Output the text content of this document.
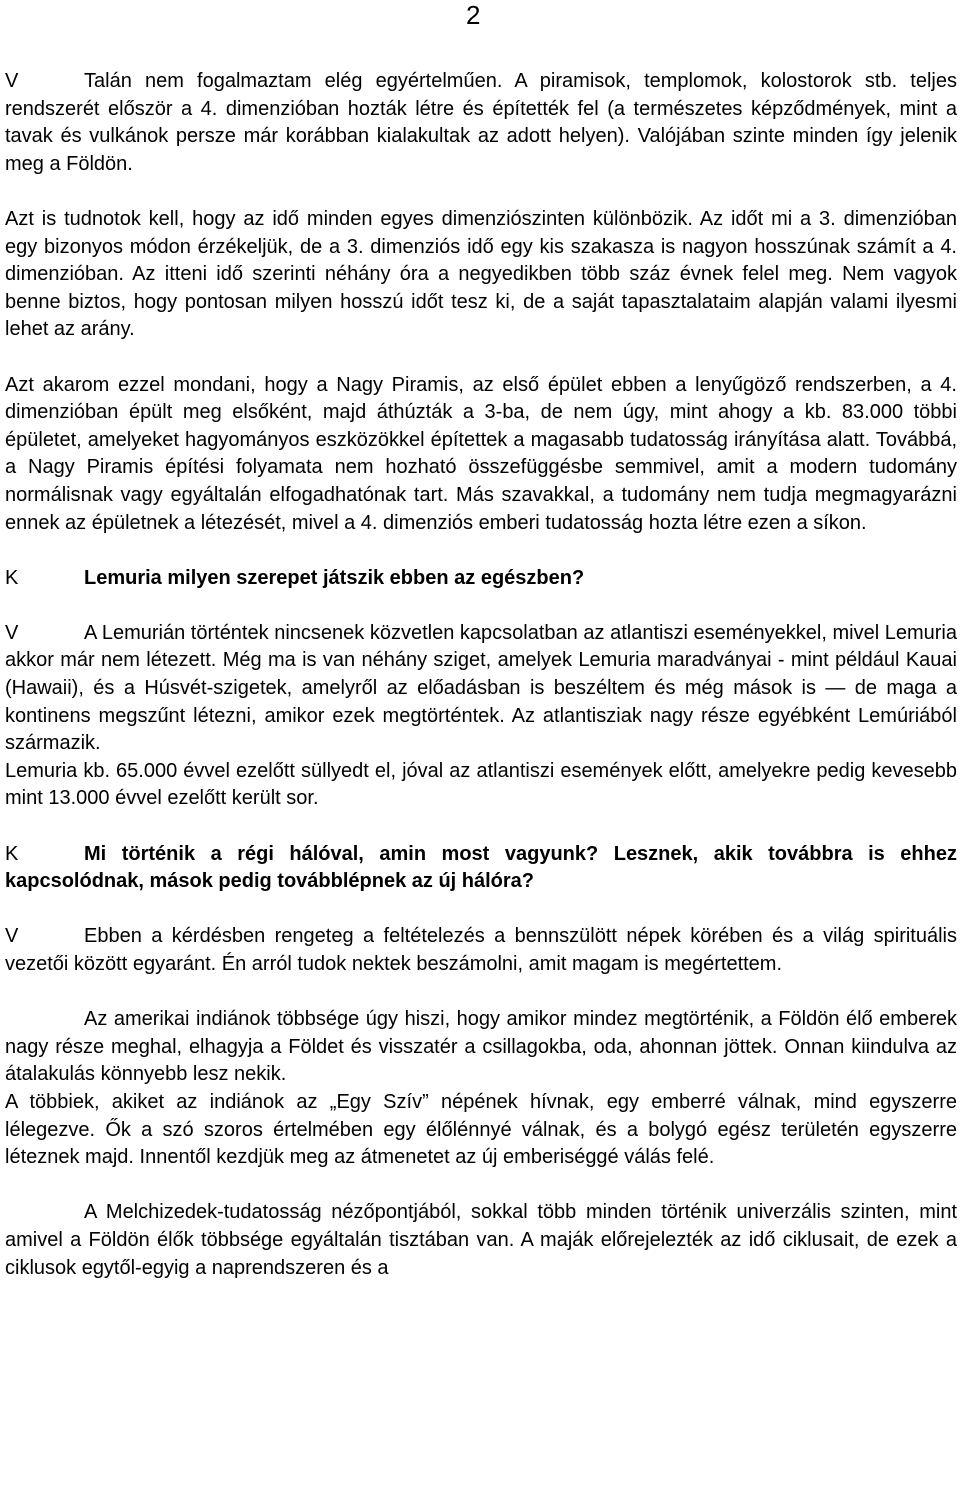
2

V	Talán nem fogalmaztam elég egyértelműen. A piramisok, templomok, kolostorok stb. teljes rendszerét először a 4. dimenzióban hozták létre és építették fel (a természetes képződmények, mint a tavak és vulkánok persze már korábban kialakultak az adott helyen). Valójában szinte minden így jelenik meg a Földön.

Azt is tudnotok kell, hogy az idő minden egyes dimenziószinten különbözik. Az időt mi a 3. dimenzióban egy bizonyos módon érzékeljük, de a 3. dimenziós idő egy kis szakasza is nagyon hosszúnak számít a 4. dimenzióban. Az itteni idő szerinti néhány óra a negyedikben több száz évnek felel meg. Nem vagyok benne biztos, hogy pontosan milyen hosszú időt tesz ki, de a saját tapasztalataim alapján valami ilyesmi lehet az arány.

Azt akarom ezzel mondani, hogy a Nagy Piramis, az első épület ebben a lenyűgöző rendszerben, a 4. dimenzióban épült meg elsőként, majd áthúzták a 3-ba, de nem úgy, mint ahogy a kb. 83.000 többi épületet, amelyeket hagyományos eszközökkel építettek a magasabb tudatosság irányítása alatt. Továbbá, a Nagy Piramis építési folyamata nem hozható összefüggésbe semmivel, amit a modern tudomány normálisnak vagy egyáltalán elfogadhatónak tart. Más szavakkal, a tudomány nem tudja megmagyarázni ennek az épületnek a létezését, mivel a 4. dimenziós emberi tudatosság hozta létre ezen a síkon.

K	Lemuria milyen szerepet játszik ebben az egészben?

V	A Lemurián történtek nincsenek közvetlen kapcsolatban az atlantiszi eseményekkel, mivel Lemuria akkor már nem létezett. Még ma is van néhány sziget, amelyek Lemuria maradványai - mint például Kauai (Hawaii), és a Húsvét-szigetek, amelyről az előadásban is beszéltem és még mások is — de maga a kontinens megszűnt létezni, amikor ezek megtörténtek. Az atlantisziak nagy része egyébként Lemúriából származik.

Lemuria kb. 65.000 évvel ezelőtt süllyedt el, jóval az atlantiszi események előtt, amelyekre pedig kevesebb mint 13.000 évvel ezelőtt került sor.

K	Mi történik a régi hálóval, amin most vagyunk? Lesznek, akik továbbra is ehhez kapcsolódnak, mások pedig továbblépnek az új hálóra?

V	Ebben a kérdésben rengeteg a feltételezés a bennszülött népek körében és a világ spirituális vezetői között egyaránt. Én arról tudok nektek beszámolni, amit magam is megértettem.

Az amerikai indiánok többsége úgy hiszi, hogy amikor mindez megtörténik, a Földön élő emberek nagy része meghal, elhagyja a Földet és visszatér a csillagokba, oda, ahonnan jöttek. Onnan kiindulva az átalakulás könnyebb lesz nekik.

A többiek, akiket az indiánok az „Egy Szív” népének hívnak, egy emberré válnak, mind egyszerre lélegezve. Ők a szó szoros értelmében egy élőlénnyé válnak, és a bolygó egész területén egyszerre léteznek majd. Innentől kezdjük meg az átmenetet az új emberiséggé válás felé.

A Melchizedek-tudatosság nézőpontjából, sokkal több minden történik univerzális szinten, mint amivel a Földön élők többsége egyáltalán tisztában van. A maják előrejelezték az idő ciklusait, de ezek a ciklusok egytől-egyig a naprendszeren és a
